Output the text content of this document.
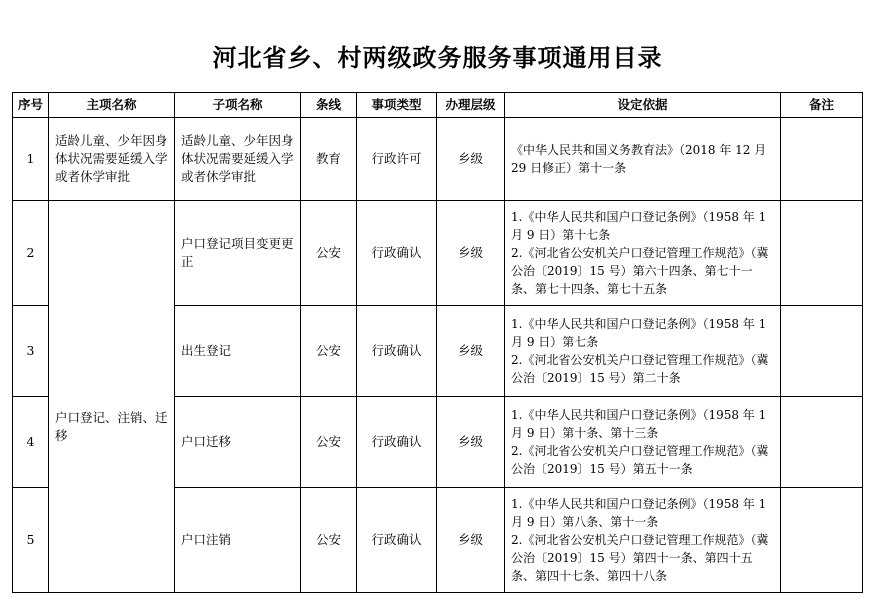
河北省乡、村两级政务服务事项通用目录
序号	主项名称	子项名称	条线	事项类型	办理层级	设定依据	备注
1	适龄儿童、少年因身体状况需要延缓入学或者休学审批	适龄儿童、少年因身体状况需要延缓入学或者休学审批	教育	行政许可	乡级	《中华人民共和国义务教育法》（2018 年 12 月 29 日修正）第十一条	
2	户口登记、注销、迁移	户口登记项目变更更正	公安	行政确认	乡级	1.《中华人民共和国户口登记条例》（1958 年 1 月 9 日）第十七条
2.《河北省公安机关户口登记管理工作规范》（冀公治〔2019〕15 号）第六十四条、第七十一条、第七十四条、第七十五条	
3		出生登记	公安	行政确认	乡级	1.《中华人民共和国户口登记条例》（1958 年 1 月 9 日）第七条
2.《河北省公安机关户口登记管理工作规范》（冀公治〔2019〕15 号）第二十条	
4		户口迁移	公安	行政确认	乡级	1.《中华人民共和国户口登记条例》（1958 年 1 月 9 日）第十条、第十三条
2.《河北省公安机关户口登记管理工作规范》（冀公治〔2019〕15 号）第五十一条	
5		户口注销	公安	行政确认	乡级	1.《中华人民共和国户口登记条例》（1958 年 1 月 9 日）第八条、第十一条
2.《河北省公安机关户口登记管理工作规范》（冀公治〔2019〕15 号）第四十一条、第四十五条、第四十七条、第四十八条	
